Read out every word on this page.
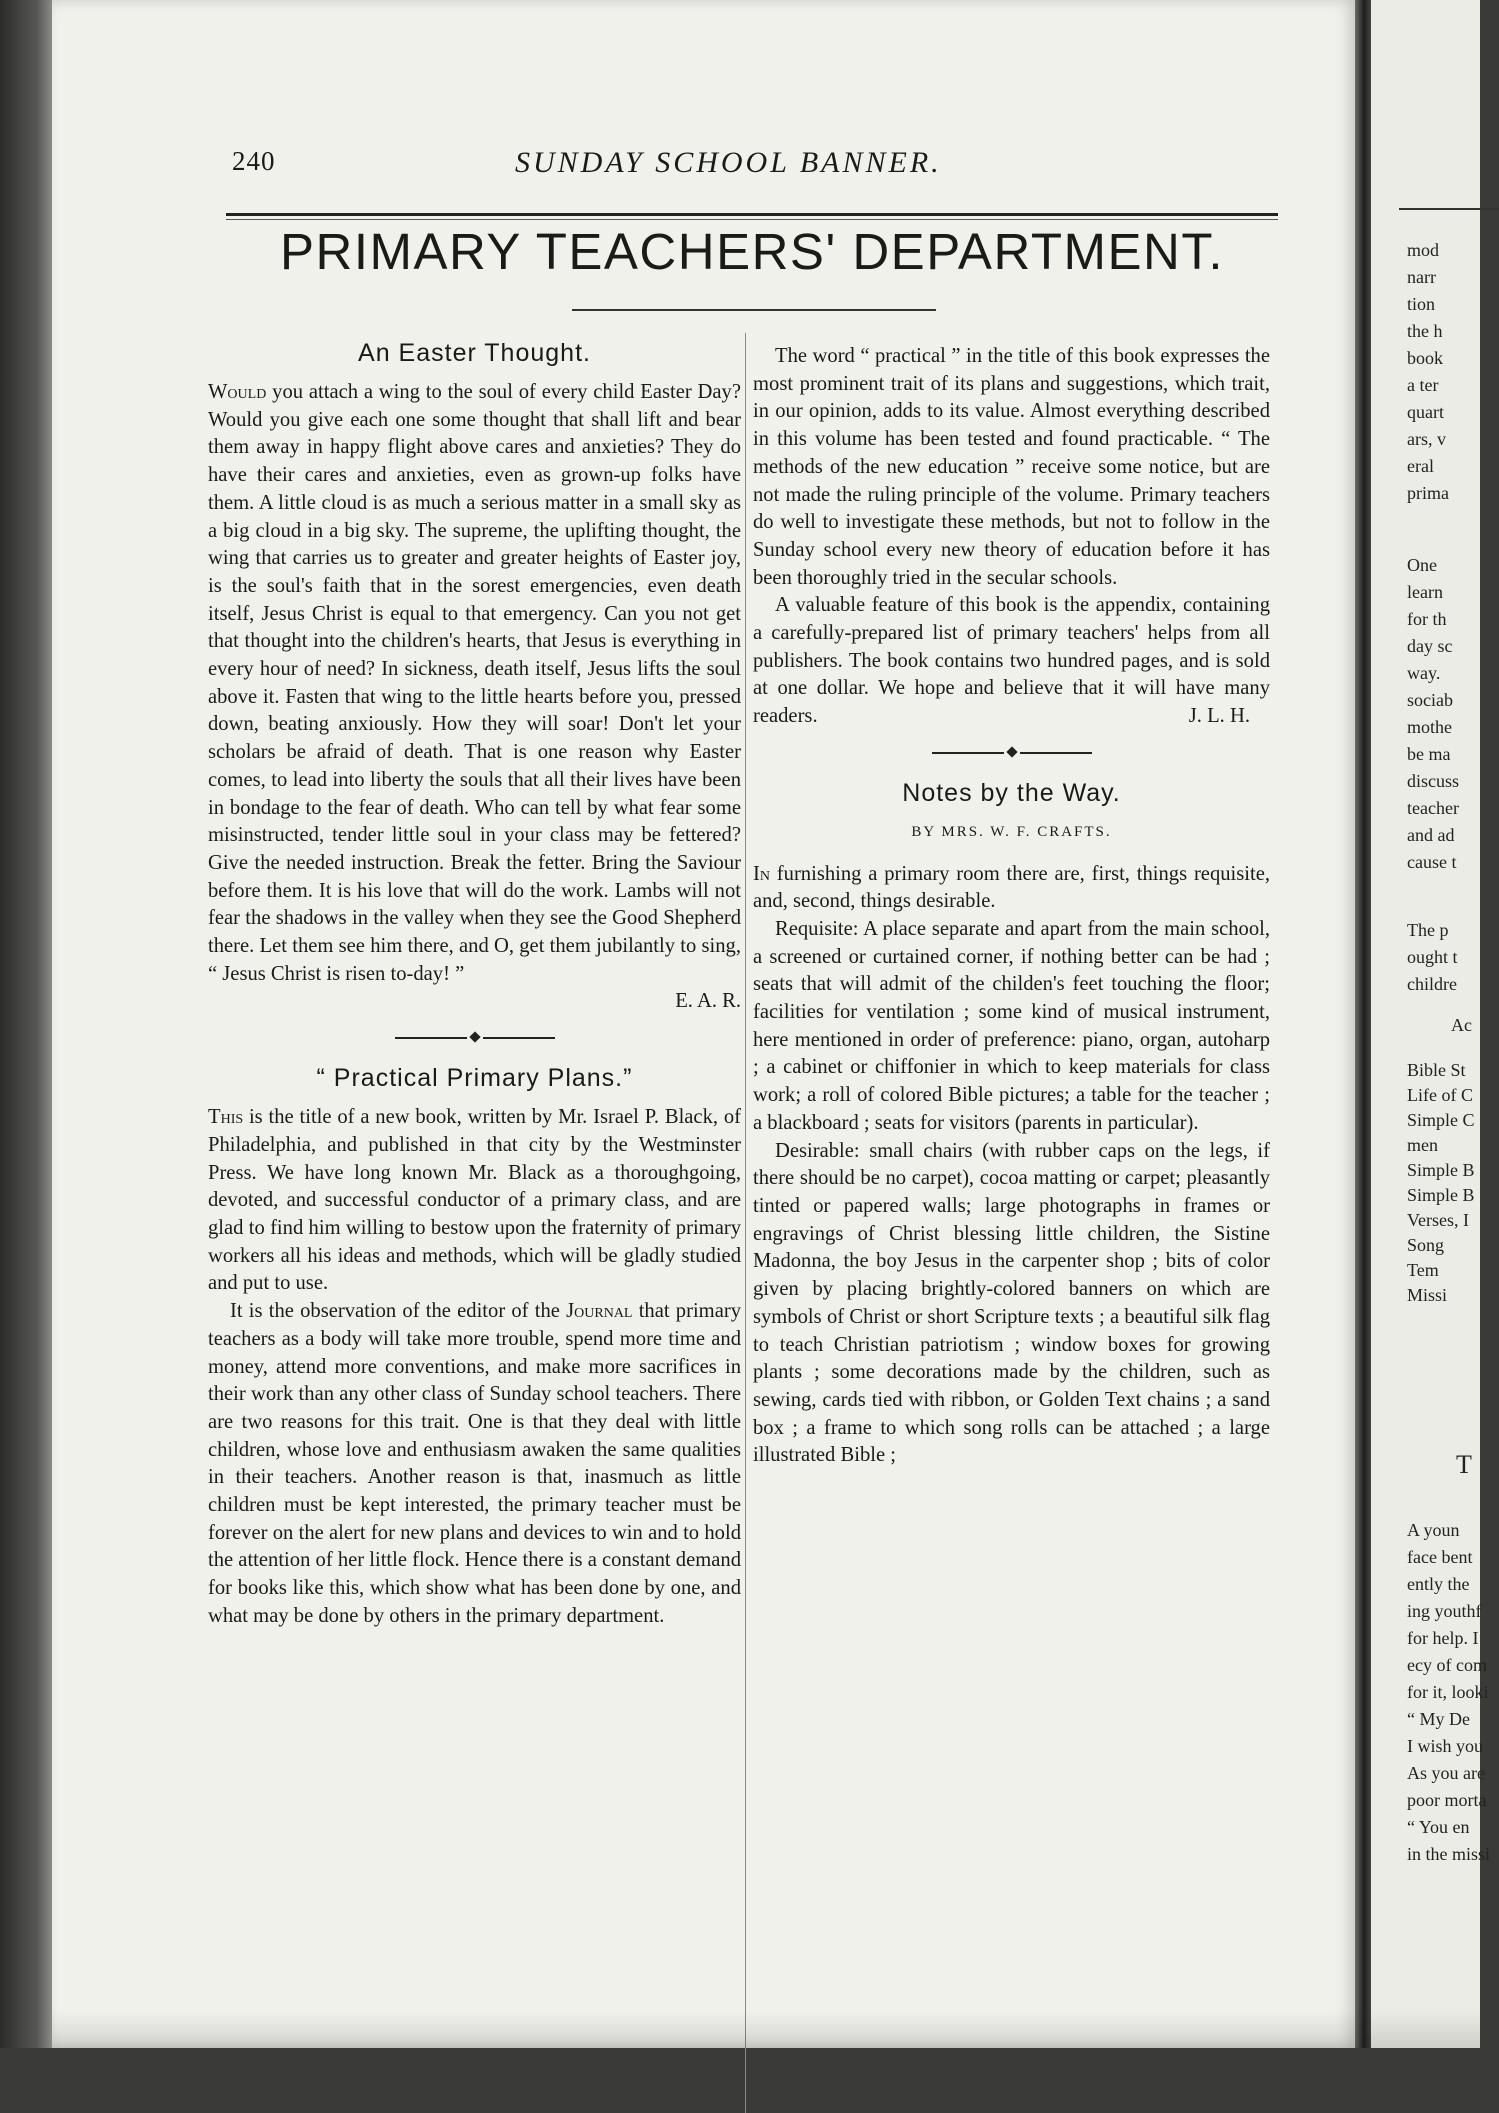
240	SUNDAY SCHOOL BANNER.
PRIMARY TEACHERS' DEPARTMENT.
An Easter Thought.

Would you attach a wing to the soul of every child Easter Day? Would you give each one some thought that shall lift and bear them away in happy flight above cares and anxieties? They do have their cares and anxieties, even as grown-up folks have them. A little cloud is as much a serious matter in a small sky as a big cloud in a big sky. The supreme, the uplifting thought, the wing that carries us to greater and greater heights of Easter joy, is the soul's faith that in the sorest emergencies, even death itself, Jesus Christ is equal to that emergency. Can you not get that thought into the children's hearts, that Jesus is everything in every hour of need? In sickness, death itself, Jesus lifts the soul above it. Fasten that wing to the little hearts before you, pressed down, beating anxiously. How they will soar! Don't let your scholars be afraid of death. That is one reason why Easter comes, to lead into liberty the souls that all their lives have been in bondage to the fear of death. Who can tell by what fear some misinstructed, tender little soul in your class may be fettered? Give the needed instruction. Break the fetter. Bring the Saviour before them. It is his love that will do the work. Lambs will not fear the shadows in the valley when they see the Good Shepherd there. Let them see him there, and O, get them jubilantly to sing, “ Jesus Christ is risen to-day! ”

E. A. R.

“ Practical Primary Plans.”

This is the title of a new book, written by Mr. Israel P. Black, of Philadelphia, and published in that city by the Westminster Press. We have long known Mr. Black as a thoroughgoing, devoted, and successful conductor of a primary class, and are glad to find him willing to bestow upon the fraternity of primary workers all his ideas and methods, which will be gladly studied and put to use.

It is the observation of the editor of the Journal that primary teachers as a body will take more trouble, spend more time and money, attend more conventions, and make more sacrifices in their work than any other class of Sunday school teachers. There are two reasons for this trait. One is that they deal with little children, whose love and enthusiasm awaken the same qualities in their teachers. Another reason is that, inasmuch as little children must be kept interested, the primary teacher must be forever on the alert for new plans and devices to win and to hold the attention of her little flock. Hence there is a constant demand for books like this, which show what has been done by one, and what may be done by others in the primary department.

The word “ practical ” in the title of this book expresses the most prominent trait of its plans and suggestions, which trait, in our opinion, adds to its value. Almost everything described in this volume has been tested and found practicable. “ The methods of the new education ” receive some notice, but are not made the ruling principle of the volume. Primary teachers do well to investigate these methods, but not to follow in the Sunday school every new theory of education before it has been thoroughly tried in the secular schools.

A valuable feature of this book is the appendix, containing a carefully-prepared list of primary teachers' helps from all publishers. The book contains two hundred pages, and is sold at one dollar. We hope and believe that it will have many readers.	J. L. H.

Notes by the Way.
BY MRS. W. F. CRAFTS.

In furnishing a primary room there are, first, things requisite, and, second, things desirable.

Requisite: A place separate and apart from the main school, a screened or curtained corner, if nothing better can be had ; seats that will admit of the childen's feet touching the floor; facilities for ventilation ; some kind of musical instrument, here mentioned in order of preference: piano, organ, autoharp ; a cabinet or chiffonier in which to keep materials for class work; a roll of colored Bible pictures; a table for the teacher ; a blackboard ; seats for visitors (parents in particular).

Desirable: small chairs (with rubber caps on the legs, if there should be no carpet), cocoa matting or carpet; pleasantly tinted or papered walls; large photographs in frames or engravings of Christ blessing little children, the Sistine Madonna, the boy Jesus in the carpenter shop ; bits of color given by placing brightly-colored banners on which are symbols of Christ or short Scripture texts ; a beautiful silk flag to teach Christian patriotism ; window boxes for growing plants ; some decorations made by the children, such as sewing, cards tied with ribbon, or Golden Text chains ; a sand box ; a frame to which song rolls can be attached ; a large illustrated Bible ;

mod
narr
tion
the h
book
a ter
quart
ars, v
eral
prima
One
learn
for th
day sc
way.
sociab
mothe
be ma
discuss
teacher
and ad
cause t
The p
ought t
childre
Ac
Bible St
Life of C
Simple C
men
Simple B
Simple B
Verses, I
Song
Tem
Missi
T
A youn
face bent
ently the
ing youthf
for help. I
ecy of com
for it, looki
“ My De
I wish you
As you are
poor morta
“ You en
in the missi
